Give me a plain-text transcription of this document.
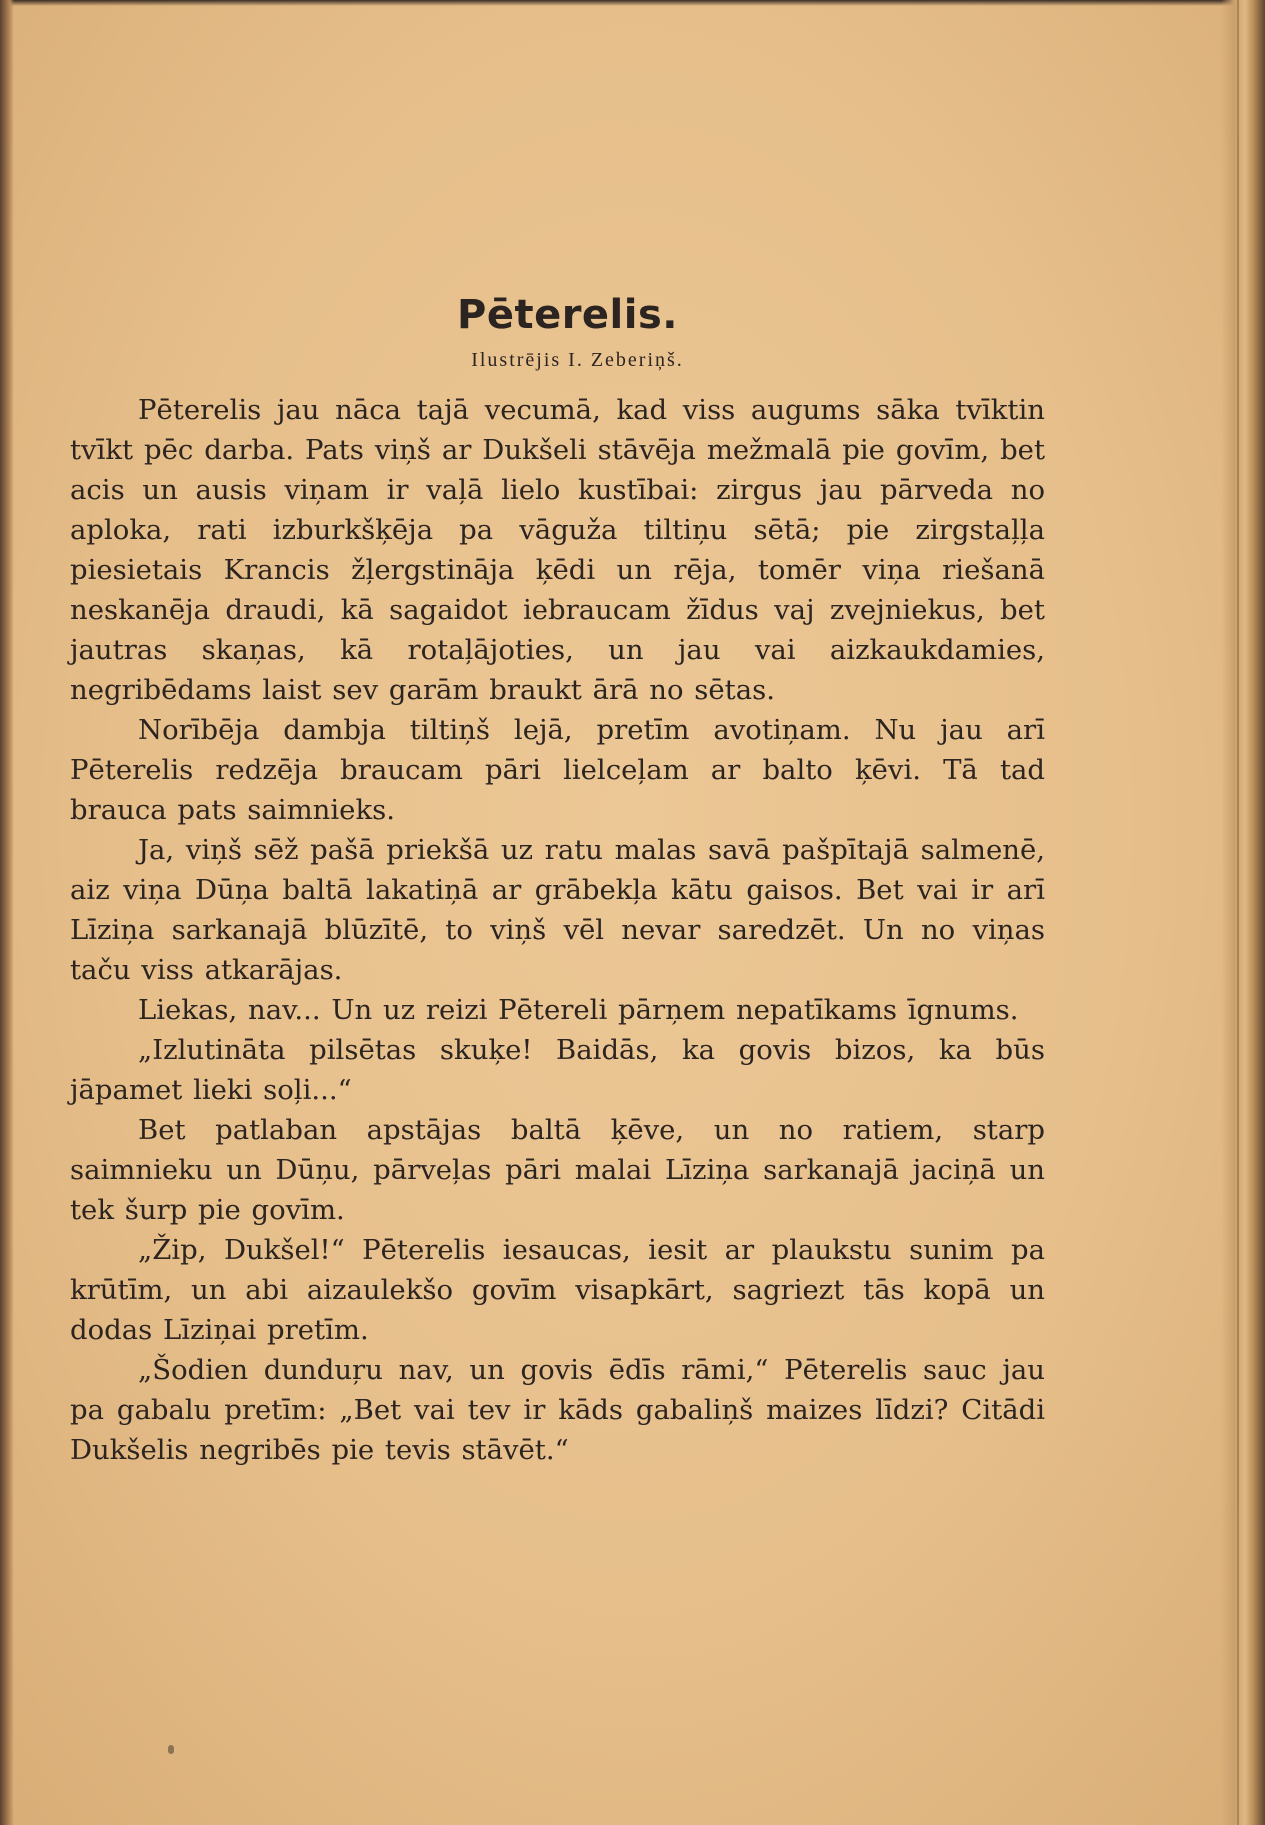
Pēterelis.
Ilustrējis I. Zeberiņš.

Pēterelis jau nāca tajā vecumā, kad viss augums sāka tvīktin tvīkt pēc darba. Pats viņš ar Dukšeli stāvēja mežmalā pie govīm, bet acis un ausis viņam ir vaļā lielo kustībai: zirgus jau pārveda no aploka, rati izburkšķēja pa vāguža tiltiņu sētā; pie zirgstaļļa piesietais Krancis žļergstināja ķēdi un rēja, tomēr viņa riešanā neskanēja draudi, kā sagaidot iebraucam žīdus vaj zvejniekus, bet jautras skaņas, kā rotaļājoties, un jau vai aizkaukdamies, negribēdams laist sev garām braukt ārā no sētas.

Norībēja dambja tiltiņš lejā, pretīm avotiņam. Nu jau arī Pēterelis redzēja braucam pāri lielceļam ar balto ķēvi. Tā tad brauca pats saimnieks.

Ja, viņš sēž pašā priekšā uz ratu malas savā pašpītajā salmenē, aiz viņa Dūņa baltā lakatiņā ar grābekļa kātu gaisos. Bet vai ir arī Līziņa sarkanajā blūzītē, to viņš vēl nevar saredzēt. Un no viņas taču viss atkarājas.

Liekas, nav... Un uz reizi Pētereli pārņem nepatīkams īgnums.

„Izlutināta pilsētas skuķe! Baidās, ka govis bizos, ka būs jāpamet lieki soļi...“

Bet patlaban apstājas baltā ķēve, un no ratiem, starp saimnieku un Dūņu, pārveļas pāri malai Līziņa sarkanajā jaciņā un tek šurp pie govīm.

„Žip, Dukšel!“ Pēterelis iesaucas, iesit ar plaukstu sunim pa krūtīm, un abi aizaulekšo govīm visapkārt, sagriezt tās kopā un dodas Līziņai pretīm.

„Šodien dunduŗu nav, un govis ēdīs rāmi,“ Pēterelis sauc jau pa gabalu pretīm: „Bet vai tev ir kāds gabaliņš maizes līdzi? Citādi Dukšelis negribēs pie tevis stāvēt.“
